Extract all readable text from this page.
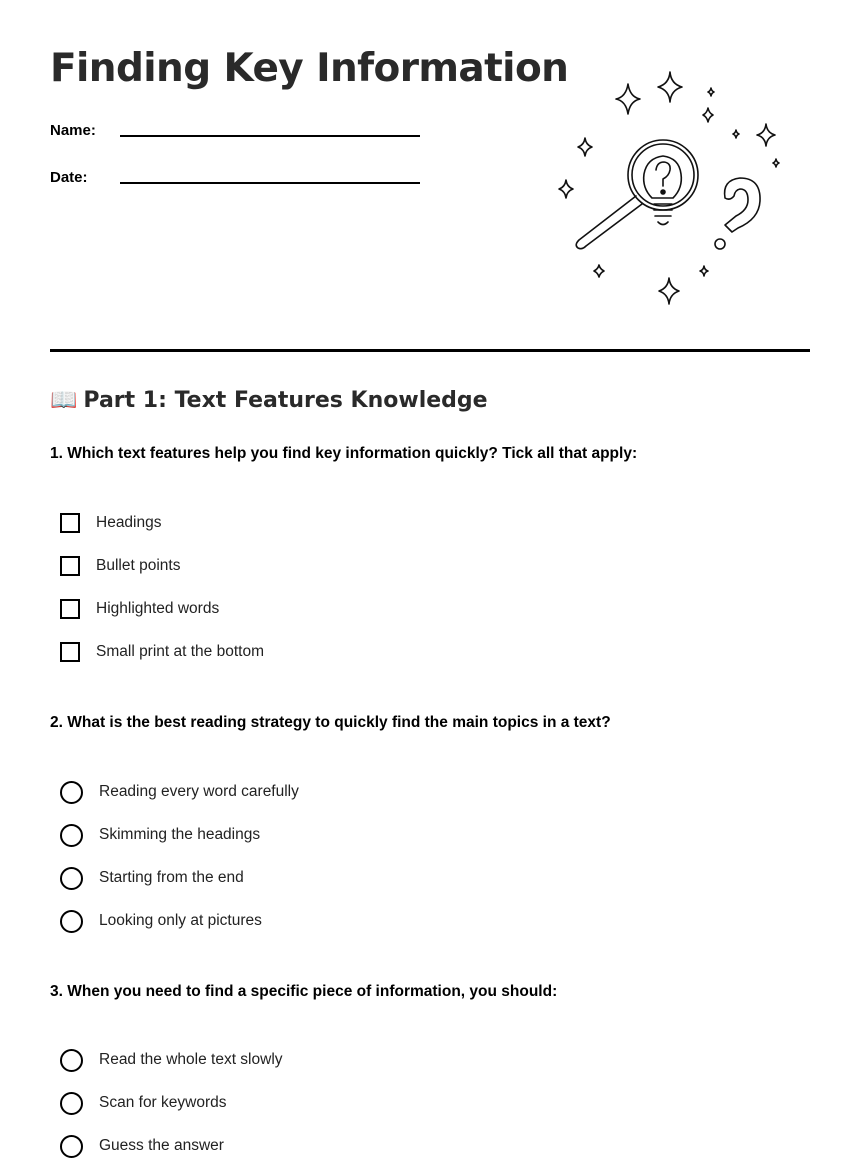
Finding Key Information
Name:
Date:
📖 Part 1: Text Features Knowledge

1. Which text features help you find key information quickly? Tick all that apply:

Headings
Bullet points
Highlighted words
Small print at the bottom

2. What is the best reading strategy to quickly find the main topics in a text?

Reading every word carefully
Skimming the headings
Starting from the end
Looking only at pictures

3. When you need to find a specific piece of information, you should:

Read the whole text slowly
Scan for keywords
Guess the answer
